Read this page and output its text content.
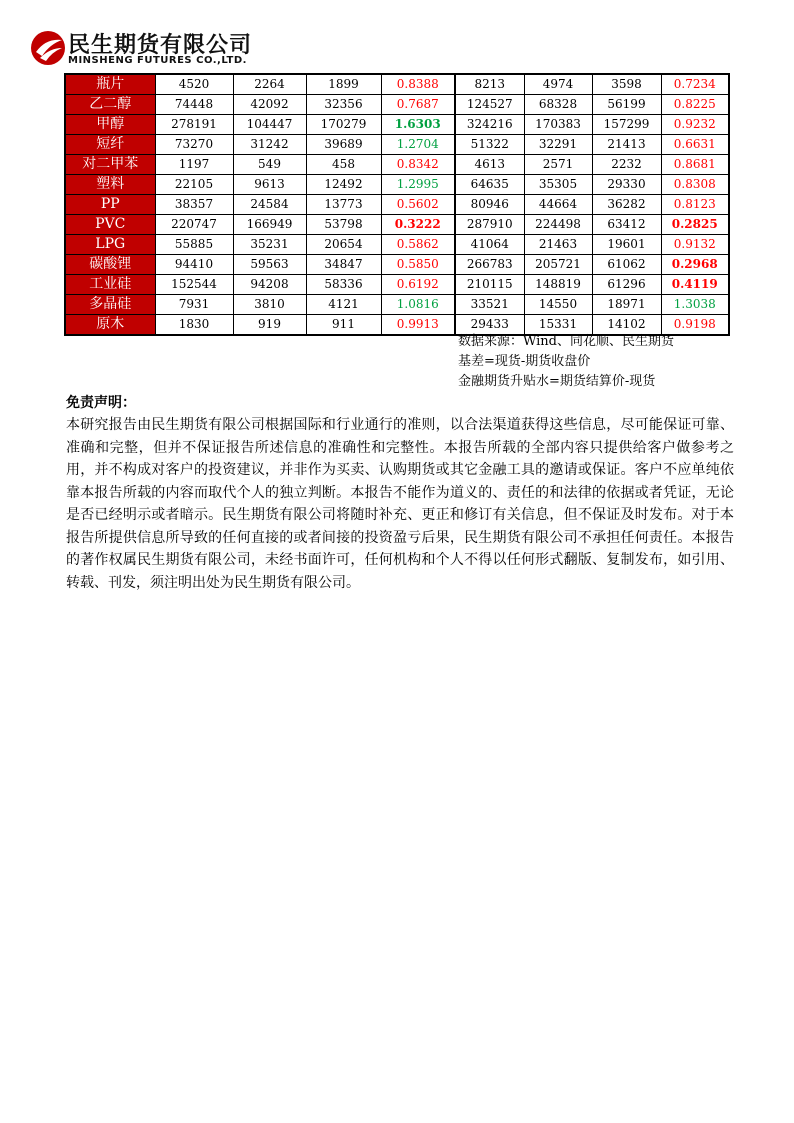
民生期货有限公司
MINSHENG FUTURES CO.,LTD.
瓶片	4520	2264	1899	0.8388	8213	4974	3598	0.7234
乙二醇	74448	42092	32356	0.7687	124527	68328	56199	0.8225
甲醇	278191	104447	170279	1.6303	324216	170383	157299	0.9232
短纤	73270	31242	39689	1.2704	51322	32291	21413	0.6631
对二甲苯	1197	549	458	0.8342	4613	2571	2232	0.8681
塑料	22105	9613	12492	1.2995	64635	35305	29330	0.8308
PP	38357	24584	13773	0.5602	80946	44664	36282	0.8123
PVC	220747	166949	53798	0.3222	287910	224498	63412	0.2825
LPG	55885	35231	20654	0.5862	41064	21463	19601	0.9132
碳酸锂	94410	59563	34847	0.5850	266783	205721	61062	0.2968
工业硅	152544	94208	58336	0.6192	210115	148819	61296	0.4119
多晶硅	7931	3810	4121	1.0816	33521	14550	18971	1.3038
原木	1830	919	911	0.9913	29433	15331	14102	0.9198
数据来源：Wind、同花顺、民生期货
基差=现货-期货收盘价
金融期货升贴水=期货结算价-现货
免责声明：
本研究报告由民生期货有限公司根据国际和行业通行的准则，以合法渠道获得这些信息，尽可能保证可靠、准确和完整，但并不保证报告所述信息的准确性和完整性。本报告所载的全部内容只提供给客户做参考之用，并不构成对客户的投资建议，并非作为买卖、认购期货或其它金融工具的邀请或保证。客户不应单纯依靠本报告所载的内容而取代个人的独立判断。本报告不能作为道义的、责任的和法律的依据或者凭证，无论是否已经明示或者暗示。民生期货有限公司将随时补充、更正和修订有关信息，但不保证及时发布。对于本报告所提供信息所导致的任何直接的或者间接的投资盈亏后果，民生期货有限公司不承担任何责任。本报告的著作权属民生期货有限公司，未经书面许可，任何机构和个人不得以任何形式翻版、复制发布，如引用、转载、刊发，须注明出处为民生期货有限公司。
